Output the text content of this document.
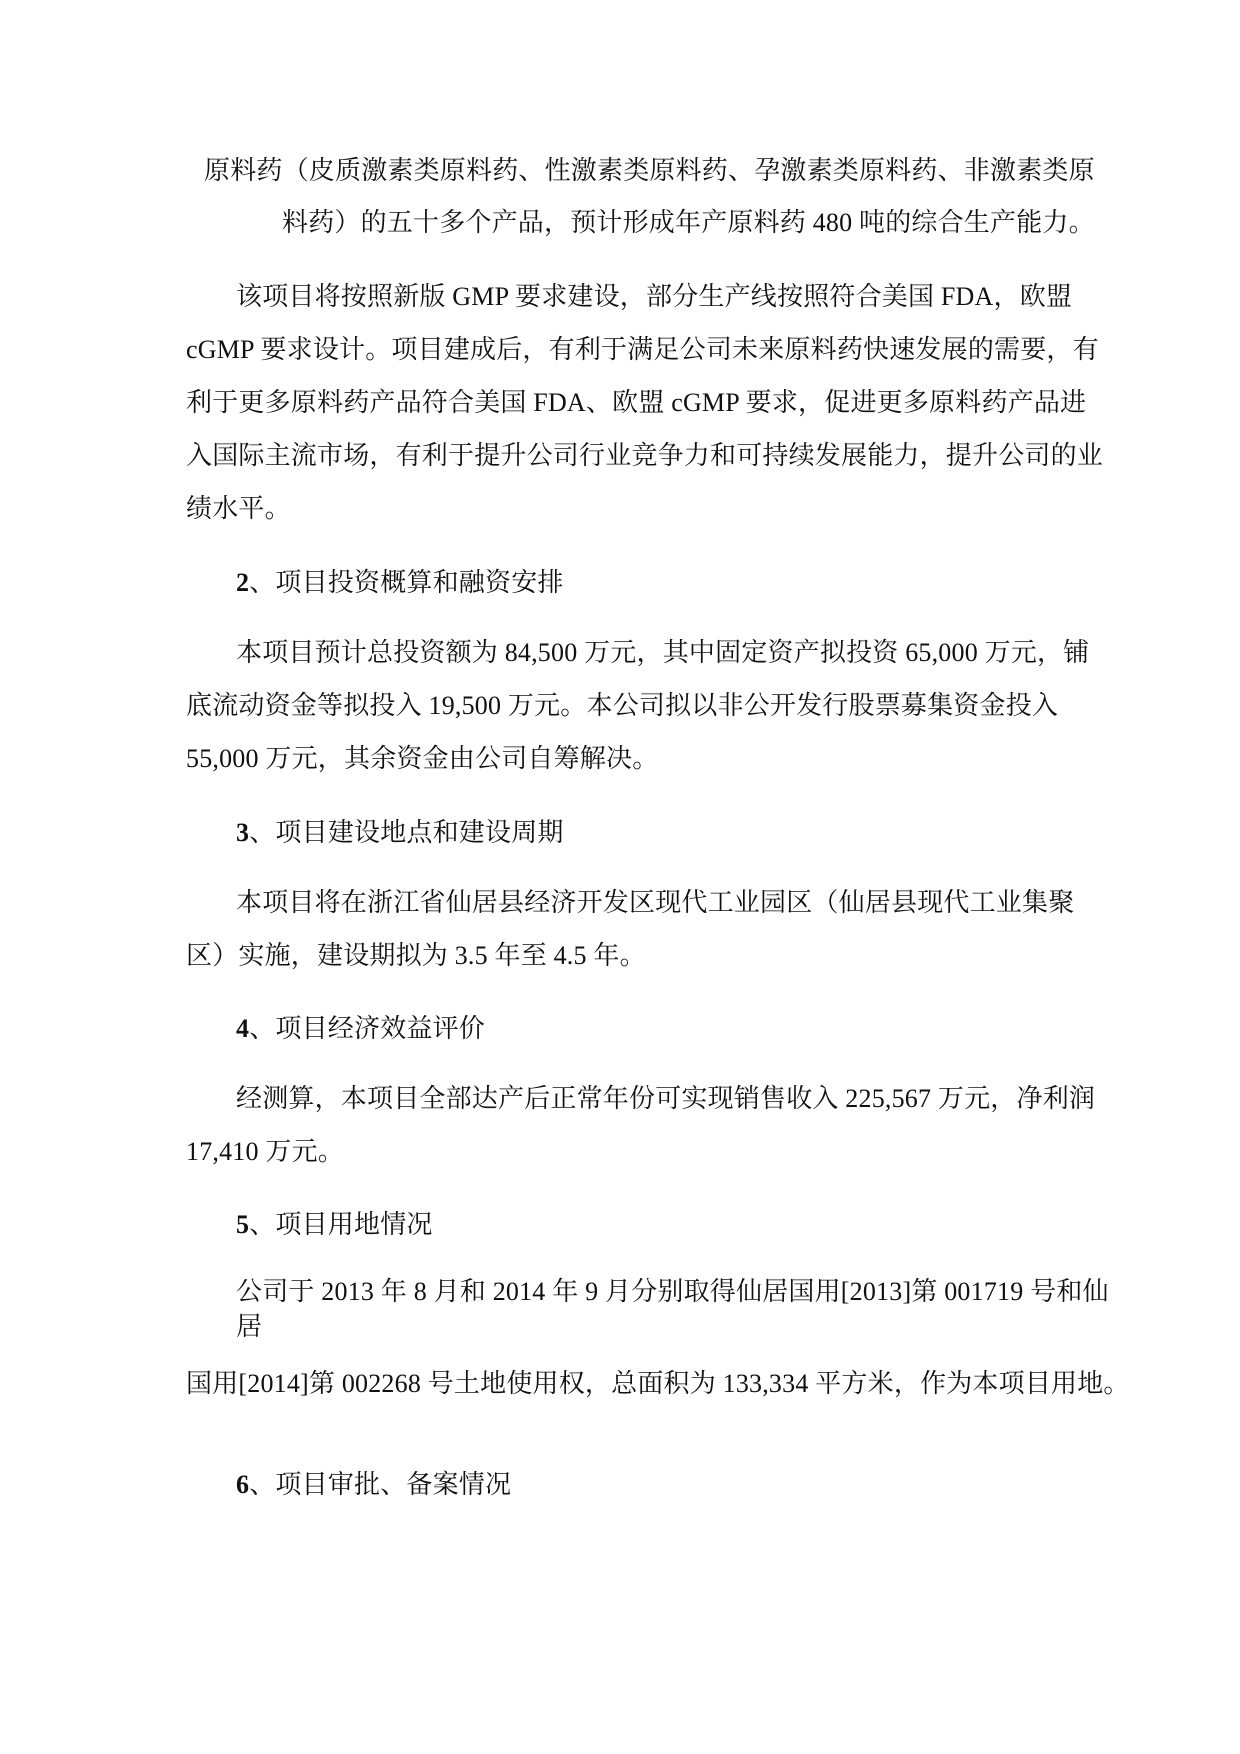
原料药（皮质激素类原料药、性激素类原料药、孕激素类原料药、非激素类原
料药）的五十多个产品，预计形成年产原料药 480 吨的综合生产能力。
该项目将按照新版 GMP 要求建设，部分生产线按照符合美国 FDA，欧盟
cGMP 要求设计。项目建成后，有利于满足公司未来原料药快速发展的需要，有
利于更多原料药产品符合美国 FDA、欧盟 cGMP 要求，促进更多原料药产品进
入国际主流市场，有利于提升公司行业竞争力和可持续发展能力，提升公司的业
绩水平。
2、项目投资概算和融资安排
本项目预计总投资额为 84,500 万元，其中固定资产拟投资 65,000 万元，铺
底流动资金等拟投入 19,500 万元。本公司拟以非公开发行股票募集资金投入
55,000 万元，其余资金由公司自筹解决。
3、项目建设地点和建设周期
本项目将在浙江省仙居县经济开发区现代工业园区（仙居县现代工业集聚
区）实施，建设期拟为 3.5 年至 4.5 年。
4、项目经济效益评价
经测算，本项目全部达产后正常年份可实现销售收入 225,567 万元，净利润
17,410 万元。
5、项目用地情况
公司于 2013 年 8 月和 2014 年 9 月分别取得仙居国用[2013]第 001719 号和仙
居
国用[2014]第 002268 号土地使用权，总面积为 133,334 平方米，作为本项目用地。
6、项目审批、备案情况
